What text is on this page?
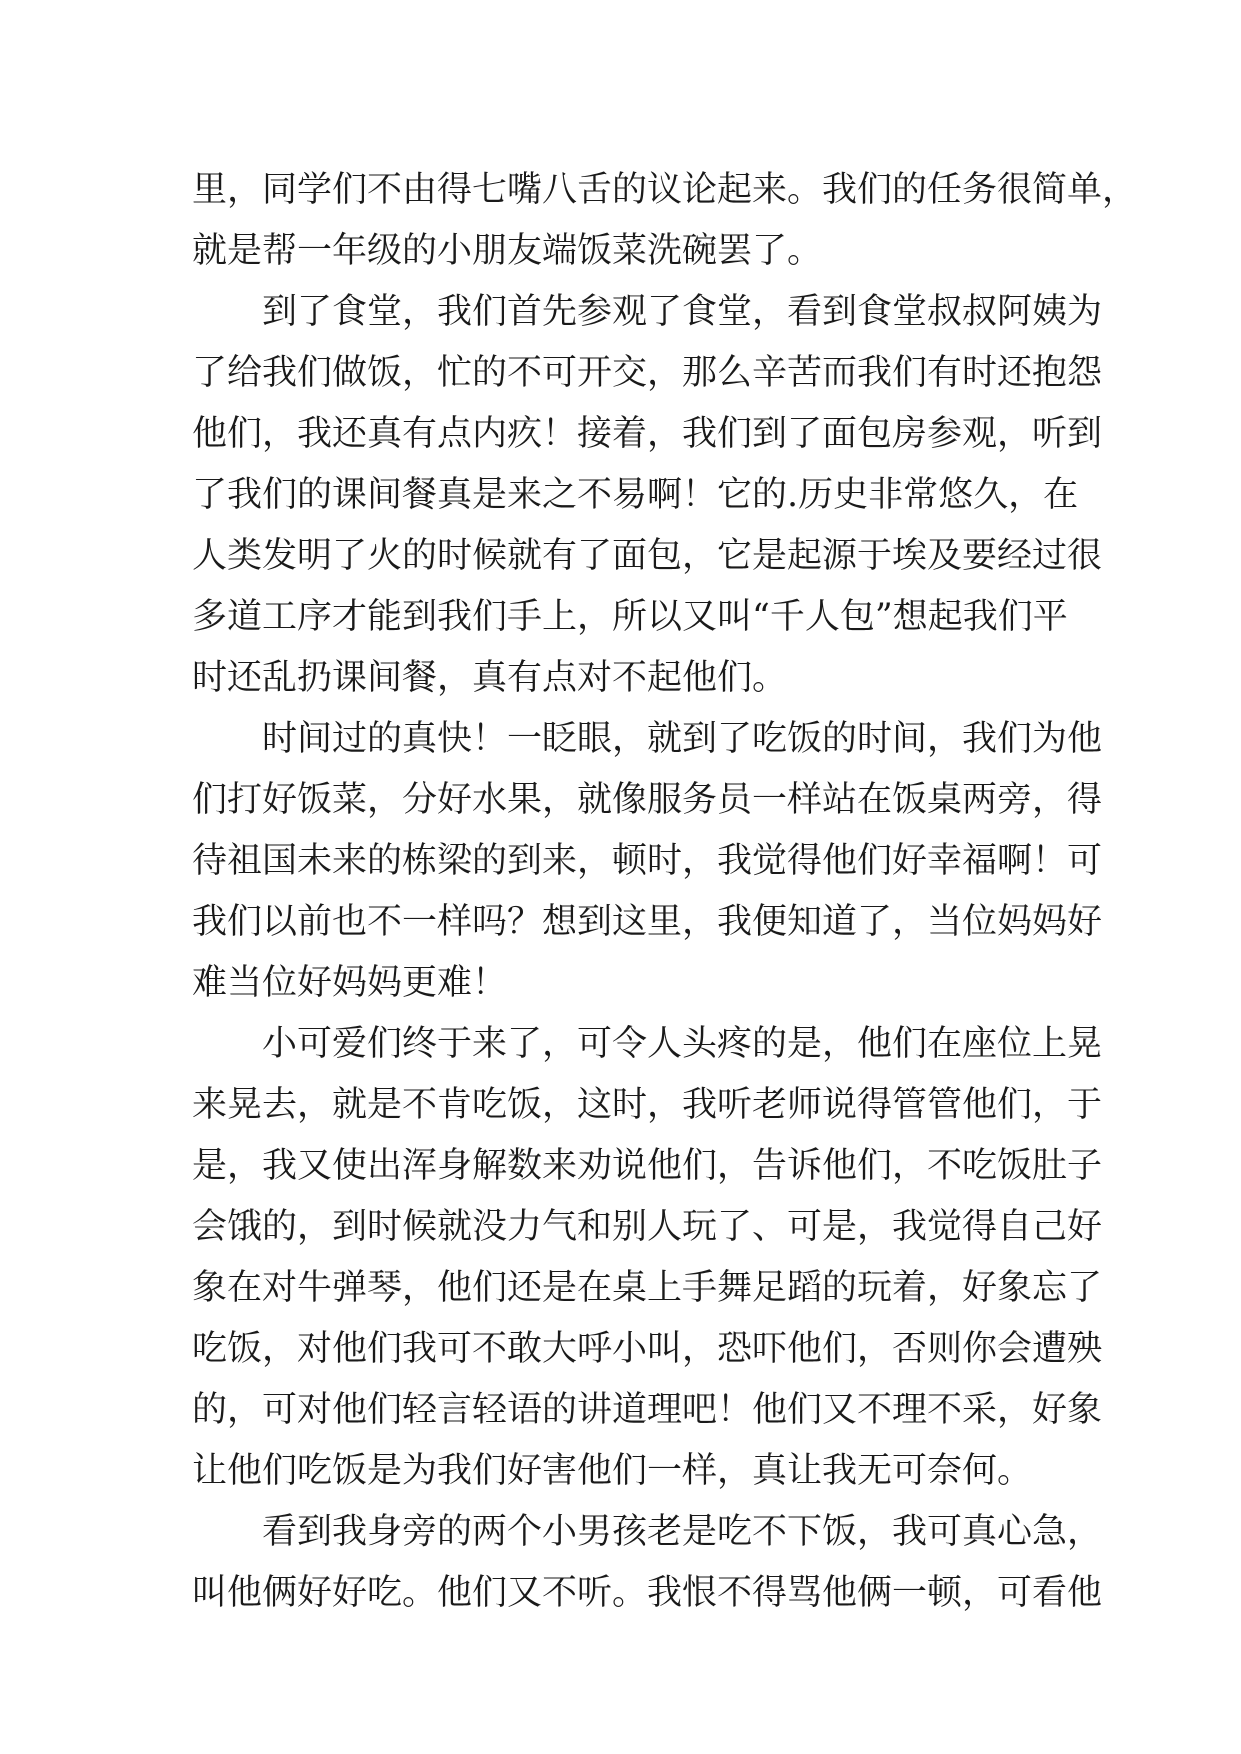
里，同学们不由得七嘴八舌的议论起来。我们的任务很简单，
就是帮一年级的小朋友端饭菜洗碗罢了。
到了食堂，我们首先参观了食堂，看到食堂叔叔阿姨为
了给我们做饭，忙的不可开交，那么辛苦而我们有时还抱怨
他们，我还真有点内疚！接着，我们到了面包房参观，听到
了我们的课间餐真是来之不易啊！它的.历史非常悠久，在
人类发明了火的时候就有了面包，它是起源于埃及要经过很
多道工序才能到我们手上，所以又叫“千人包”想起我们平
时还乱扔课间餐，真有点对不起他们。
时间过的真快！一眨眼，就到了吃饭的时间，我们为他
们打好饭菜，分好水果，就像服务员一样站在饭桌两旁，得
待祖国未来的栋梁的到来，顿时，我觉得他们好幸福啊！可
我们以前也不一样吗？想到这里，我便知道了，当位妈妈好
难当位好妈妈更难！
小可爱们终于来了，可令人头疼的是，他们在座位上晃
来晃去，就是不肯吃饭，这时，我听老师说得管管他们，于
是，我又使出浑身解数来劝说他们，告诉他们，不吃饭肚子
会饿的，到时候就没力气和别人玩了、可是，我觉得自己好
象在对牛弹琴，他们还是在桌上手舞足蹈的玩着，好象忘了
吃饭，对他们我可不敢大呼小叫，恐吓他们，否则你会遭殃
的，可对他们轻言轻语的讲道理吧！他们又不理不采，好象
让他们吃饭是为我们好害他们一样，真让我无可奈何。
看到我身旁的两个小男孩老是吃不下饭，我可真心急，
叫他俩好好吃。他们又不听。我恨不得骂他俩一顿，可看他
